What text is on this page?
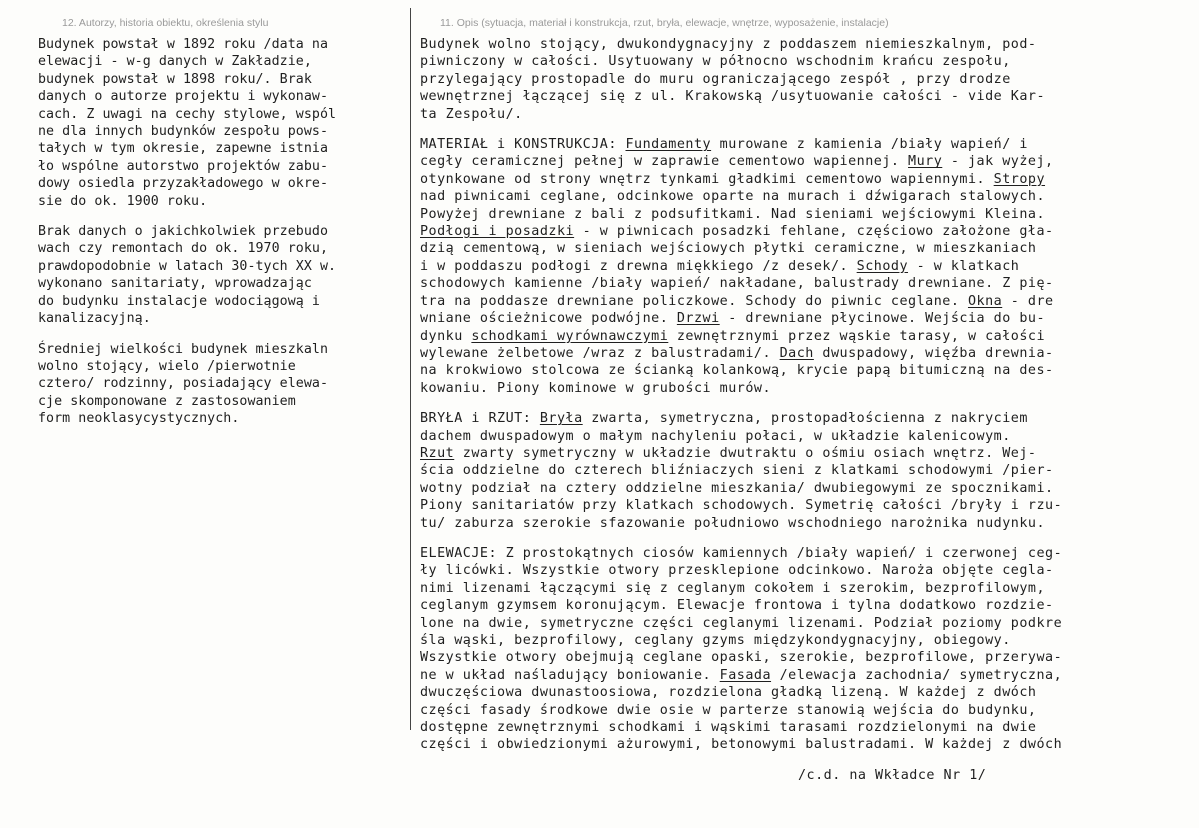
12. Autorzy, historia obiektu, określenia stylu
Budynek powstał w 1892 roku /data na
elewacji - w-g danych w Zakładzie,
budynek powstał w 1898 roku/. Brak
danych o autorze projektu i wykonaw-
cach. Z uwagi na cechy stylowe, wspól
ne dla innych budynków zespołu pows-
tałych w tym okresie, zapewne istnia
ło wspólne autorstwo projektów zabu-
dowy osiedla przyzakładowego w okre-
sie do ok. 1900 roku.
Brak danych o jakichkolwiek przebudo
wach czy remontach do ok. 1970 roku,
prawdopodobnie w latach 30-tych XX w.
wykonano sanitariaty, wprowadzając
do budynku instalacje wodociągową i
kanalizacyjną.
Średniej wielkości budynek mieszkaln
wolno stojący, wielo /pierwotnie
cztero/ rodzinny, posiadający elewa-
cje skomponowane z zastosowaniem
form neoklasycystycznych.
11. Opis (sytuacja, materiał i konstrukcja, rzut, bryła, elewacje, wnętrze, wyposażenie, instalacje)
Budynek wolno stojący, dwukondygnacyjny z poddaszem niemieszkalnym, pod-
piwniczony w całości. Usytuowany w północno wschodnim krańcu zespołu,
przylegający prostopadle do muru ograniczającego zespół , przy drodze
wewnętrznej łączącej się z ul. Krakowską /usytuowanie całości - vide Kar-
ta Zespołu/.
MATERIAŁ i KONSTRUKCJA: Fundamenty murowane z kamienia /biały wapień/ i
cegły ceramicznej pełnej w zaprawie cementowo wapiennej. Mury - jak wyżej,
otynkowane od strony wnętrz tynkami gładkimi cementowo wapiennymi. Stropy
nad piwnicami ceglane, odcinkowe oparte na murach i dźwigarach stalowych.
Powyżej drewniane z bali z podsufitkami. Nad sieniami wejściowymi Kleina.
Podłogi i posadzki - w piwnicach posadzki fehlane, częściowo założone gła-
dzią cementową, w sieniach wejściowych płytki ceramiczne, w mieszkaniach
i w poddaszu podłogi z drewna miękkiego /z desek/. Schody - w klatkach
schodowych kamienne /biały wapień/ nakładane, balustrady drewniane. Z pię-
tra na poddasze drewniane policzkowe. Schody do piwnic ceglane. Okna - dre
wniane ościeżnicowe podwójne. Drzwi - drewniane płycinowe. Wejścia do bu-
dynku schodkami wyrównawczymi zewnętrznymi przez wąskie tarasy, w całości
wylewane żelbetowe /wraz z balustradami/. Dach dwuspadowy, więźba drewnia-
na krokwiowo stolcowa ze ścianką kolankową, krycie papą bitumiczną na des-
kowaniu. Piony kominowe w grubości murów.
BRYŁA i RZUT: Bryła zwarta, symetryczna, prostopadłościenna z nakryciem
dachem dwuspadowym o małym nachyleniu połaci, w układzie kalenicowym.
Rzut zwarty symetryczny w układzie dwutraktu o ośmiu osiach wnętrz. Wej-
ścia oddzielne do czterech bliźniaczych sieni z klatkami schodowymi /pier-
wotny podział na cztery oddzielne mieszkania/ dwubiegowymi ze spocznikami.
Piony sanitariatów przy klatkach schodowych. Symetrię całości /bryły i rzu-
tu/ zaburza szerokie sfazowanie południowo wschodniego narożnika nudynku.
ELEWACJE: Z prostokątnych ciosów kamiennych /biały wapień/ i czerwonej ceg-
ły licówki. Wszystkie otwory przesklepione odcinkowo. Naroża objęte cegla-
nimi lizenami łączącymi się z ceglanym cokołem i szerokim, bezprofilowym,
ceglanym gzymsem koronującym. Elewacje frontowa i tylna dodatkowo rozdzie-
lone na dwie, symetryczne części ceglanymi lizenami. Podział poziomy podkre
śla wąski, bezprofilowy, ceglany gzyms międzykondygnacyjny, obiegowy.
Wszystkie otwory obejmują ceglane opaski, szerokie, bezprofilowe, przerywa-
ne w układ naśladujący boniowanie. Fasada /elewacja zachodnia/ symetryczna,
dwuczęściowa dwunastoosiowa, rozdzielona gładką lizeną. W każdej z dwóch
części fasady środkowe dwie osie w parterze stanowią wejścia do budynku,
dostępne zewnętrznymi schodkami i wąskimi tarasami rozdzielonymi na dwie
części i obwiedzionymi ażurowymi, betonowymi balustradami. W każdej z dwóch
/c.d. na Wkładce Nr 1/
